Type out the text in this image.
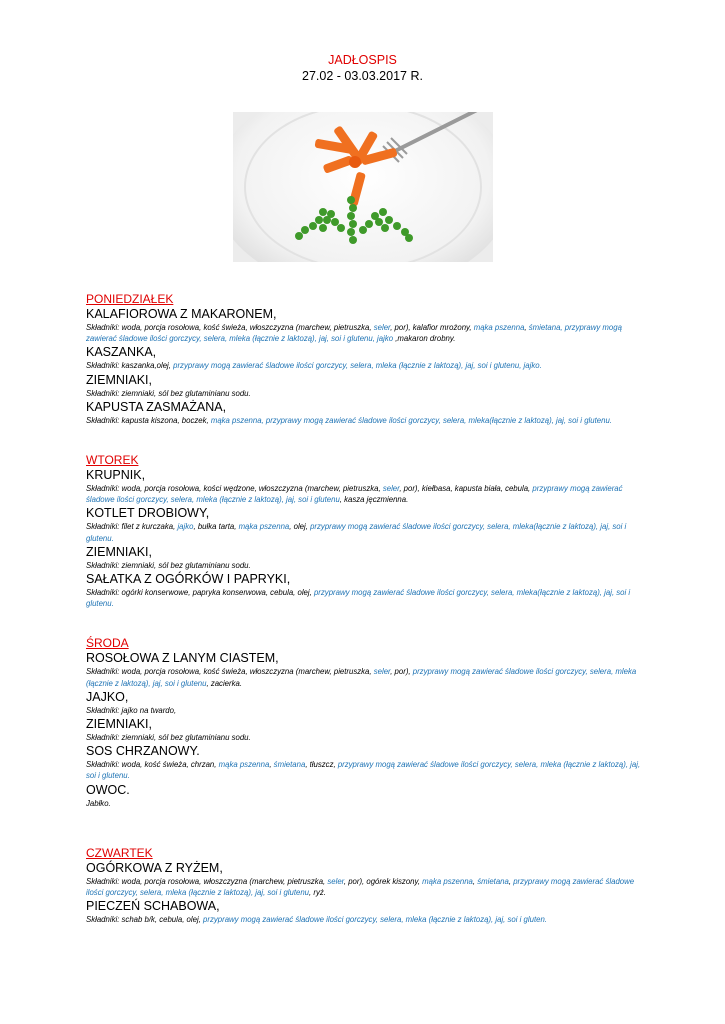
JADŁOSPIS
27.02 - 03.03.2017 R.
PONIEDZIAŁEK
KALAFIOROWA Z MAKARONEM,
Składniki: woda, porcja rosołowa, kość świeża, włoszczyzna (marchew, pietruszka, seler, por), kalafior mrożony, mąka pszenna, śmietana, przyprawy mogą zawierać śladowe ilości gorczycy, selera, mleka (łącznie z laktozą), jaj, soi i glutenu, jajko ,makaron drobny.
KASZANKA,
Składniki: kaszanka,olej, przyprawy mogą zawierać śladowe ilości gorczycy, selera, mleka (łącznie z laktozą), jaj, soi i glutenu, jajko.
ZIEMNIAKI,
Składniki: ziemniaki, sól bez glutaminianu sodu.
KAPUSTA ZASMAŻANA,
Składniki: kapusta kiszona, boczek, mąka pszenna, przyprawy mogą zawierać śladowe ilości gorczycy, selera, mleka(łącznie z laktozą), jaj, soi i glutenu.
WTOREK
KRUPNIK,
Składniki: woda, porcja rosołowa, kości wędzone, włoszczyzna (marchew, pietruszka, seler, por), kiełbasa, kapusta biała, cebula, przyprawy mogą zawierać śladowe ilości gorczycy, selera, mleka (łącznie z laktozą), jaj, soi i glutenu, kasza jęczmienna.
KOTLET DROBIOWY,
Składniki: filet z kurczaka, jajko, bułka tarta, mąka pszenna, olej, przyprawy mogą zawierać śladowe ilości gorczycy, selera, mleka(łącznie z laktozą), jaj, soi i glutenu.
ZIEMNIAKI,
Składniki: ziemniaki, sól bez glutaminianu sodu.
SAŁATKA Z OGÓRKÓW I PAPRYKI,
Składniki: ogórki konserwowe, papryka konserwowa, cebula, olej, przyprawy mogą zawierać śladowe ilości gorczycy, selera, mleka(łącznie z laktozą), jaj, soi i glutenu.
ŚRODA
ROSOŁOWA Z LANYM CIASTEM,
Składniki: woda, porcja rosołowa, kość świeża, włoszczyzna (marchew, pietruszka, seler, por), przyprawy mogą zawierać śladowe ilości gorczycy, selera, mleka (łącznie z laktozą), jaj, soi i glutenu, zacierka.
JAJKO,
Składniki: jajko na twardo,
ZIEMNIAKI,
Składniki: ziemniaki, sól bez glutaminianu sodu.
SOS CHRZANOWY.
Składniki: woda, kość świeża, chrzan, mąka pszenna, śmietana, tłuszcz, przyprawy mogą zawierać śladowe ilości gorczycy, selera, mleka (łącznie z laktozą), jaj, soi i glutenu.
OWOC.
Jabłko.
CZWARTEK
OGÓRKOWA Z RYŻEM,
Składniki: woda, porcja rosołowa, włoszczyzna (marchew, pietruszka, seler, por), ogórek kiszony, mąka pszenna, śmietana, przyprawy mogą zawierać śladowe ilości gorczycy, selera, mleka (łącznie z laktozą), jaj, soi i glutenu, ryż.
PIECZEŃ SCHABOWA,
Składniki: schab b/k, cebula, olej, przyprawy mogą zawierać śladowe ilości gorczycy, selera, mleka (łącznie z laktozą), jaj, soi i gluten.
